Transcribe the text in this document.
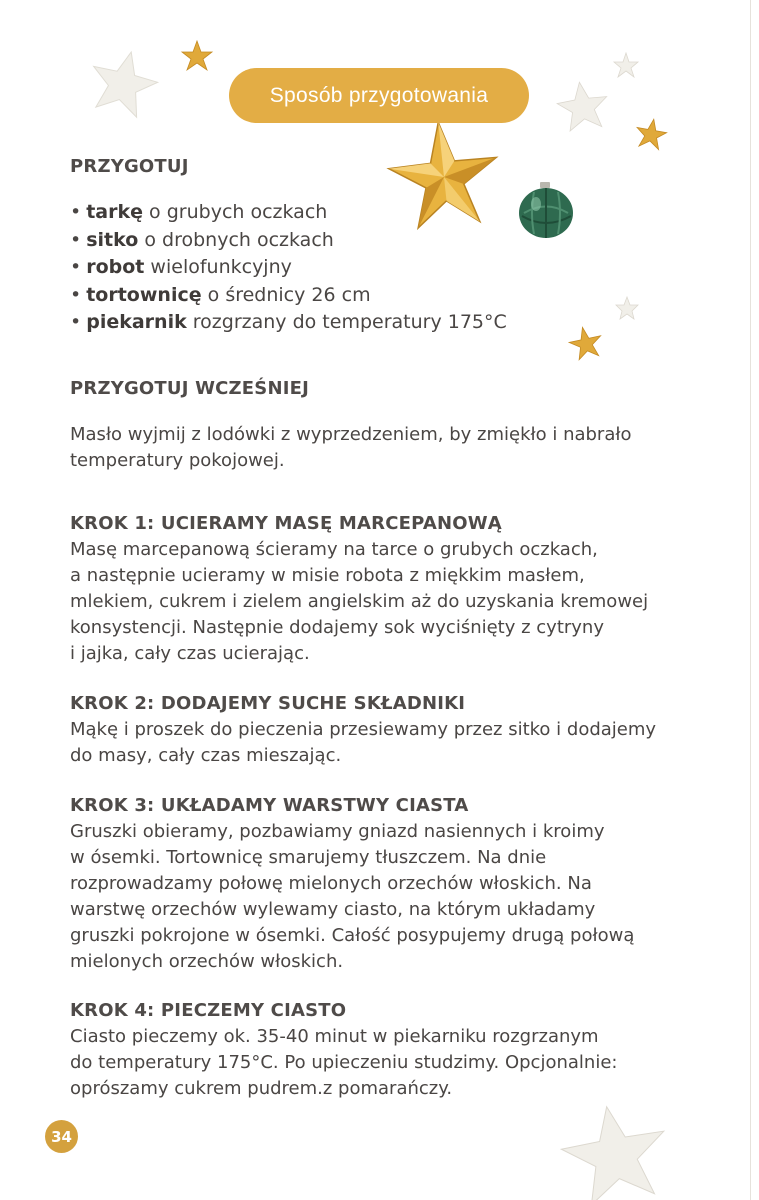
Sposób przygotowania
PRZYGOTUJ
• tarkę o grubych oczkach
• sitko o drobnych oczkach
• robot wielofunkcyjny
• tortownicę o średnicy 26 cm
• piekarnik rozgrzany do temperatury 175°C
PRZYGOTUJ WCZEŚNIEJ
Masło wyjmij z lodówki z wyprzedzeniem, by zmiękło i nabrało
temperatury pokojowej.
KROK 1: UCIERAMY MASĘ MARCEPANOWĄ
Masę marcepanową ścieramy na tarce o grubych oczkach,
a następnie ucieramy w misie robota z miękkim masłem,
mlekiem, cukrem i zielem angielskim aż do uzyskania kremowej
konsystencji. Następnie dodajemy sok wyciśnięty z cytryny
i jajka, cały czas ucierając.
KROK 2: DODAJEMY SUCHE SKŁADNIKI
Mąkę i proszek do pieczenia przesiewamy przez sitko i dodajemy
do masy, cały czas mieszając.
KROK 3: UKŁADAMY WARSTWY CIASTA
Gruszki obieramy, pozbawiamy gniazd nasiennych i kroimy
w ósemki. Tortownicę smarujemy tłuszczem. Na dnie
rozprowadzamy połowę mielonych orzechów włoskich. Na
warstwę orzechów wylewamy ciasto, na którym układamy
gruszki pokrojone w ósemki. Całość posypujemy drugą połową
mielonych orzechów włoskich.
KROK 4: PIECZEMY CIASTO
Ciasto pieczemy ok. 35-40 minut w piekarniku rozgrzanym
do temperatury 175°C. Po upieczeniu studzimy. Opcjonalnie:
oprószamy cukrem pudrem.z pomarańczy.
34
